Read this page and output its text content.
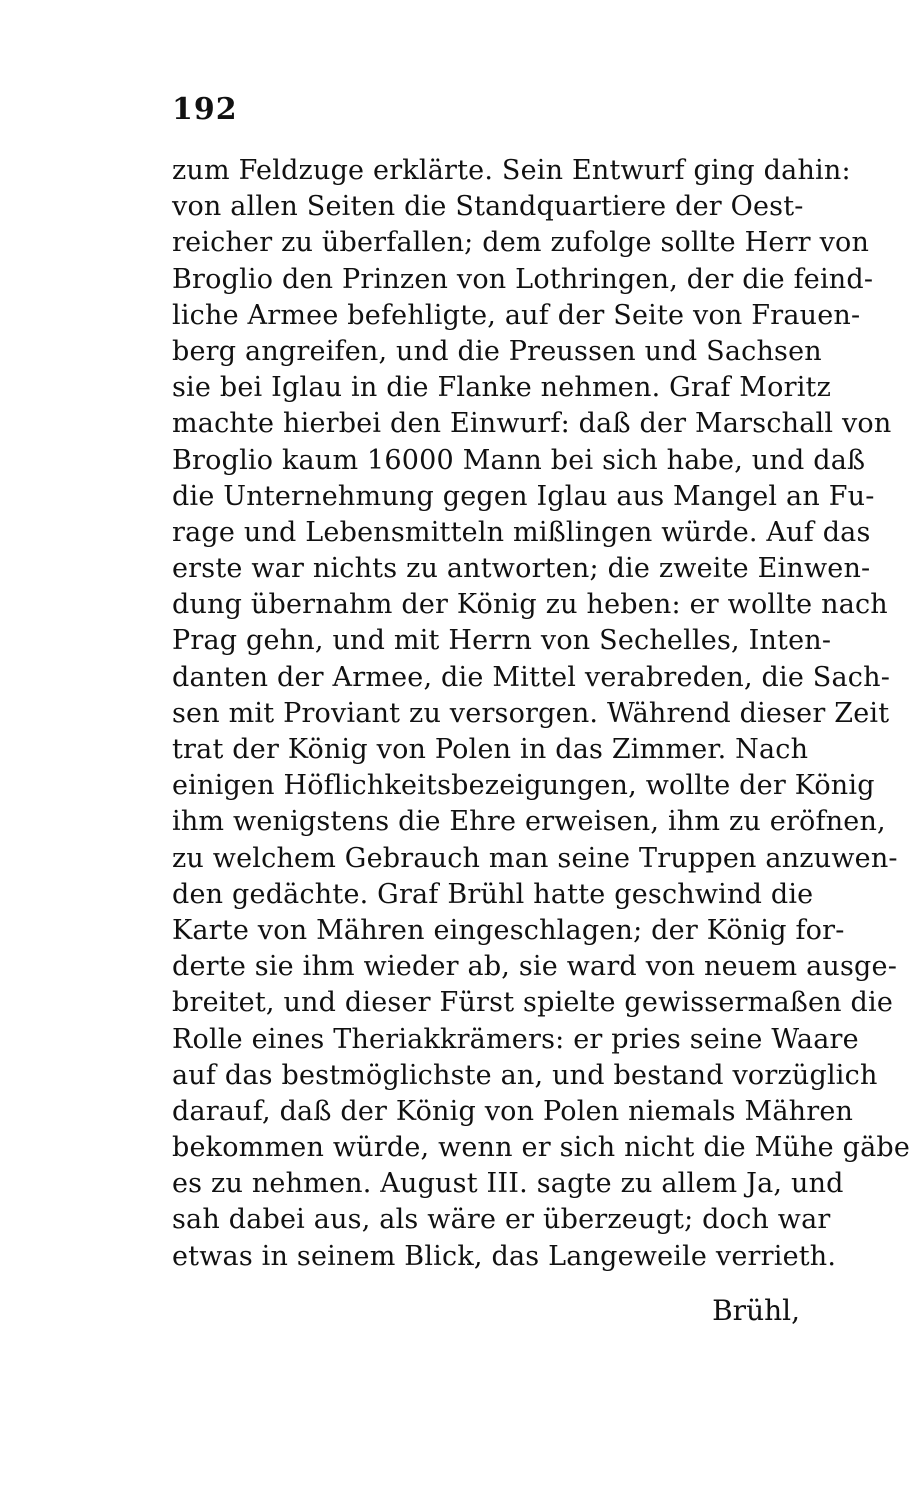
192
zum Feldzuge erklärte. Sein Entwurf ging dahin:
von allen Seiten die Standquartiere der Oest-
reicher zu überfallen; dem zufolge sollte Herr von
Broglio den Prinzen von Lothringen, der die feind-
liche Armee befehligte, auf der Seite von Frauen-
berg angreifen, und die Preussen und Sachsen
sie bei Iglau in die Flanke nehmen. Graf Moritz
machte hierbei den Einwurf: daß der Marschall von
Broglio kaum 16000 Mann bei sich habe, und daß
die Unternehmung gegen Iglau aus Mangel an Fu-
rage und Lebensmitteln mißlingen würde. Auf das
erste war nichts zu antworten; die zweite Einwen-
dung übernahm der König zu heben: er wollte nach
Prag gehn, und mit Herrn von Sechelles, Inten-
danten der Armee, die Mittel verabreden, die Sach-
sen mit Proviant zu versorgen. Während dieser Zeit
trat der König von Polen in das Zimmer. Nach
einigen Höflichkeitsbezeigungen, wollte der König
ihm wenigstens die Ehre erweisen, ihm zu eröfnen,
zu welchem Gebrauch man seine Truppen anzuwen-
den gedächte. Graf Brühl hatte geschwind die
Karte von Mähren eingeschlagen; der König for-
derte sie ihm wieder ab, sie ward von neuem ausge-
breitet, und dieser Fürst spielte gewissermaßen die
Rolle eines Theriakkrämers: er pries seine Waare
auf das bestmöglichste an, und bestand vorzüglich
darauf, daß der König von Polen niemals Mähren
bekommen würde, wenn er sich nicht die Mühe gäbe
es zu nehmen. August III. sagte zu allem Ja, und
sah dabei aus, als wäre er überzeugt; doch war
etwas in seinem Blick, das Langeweile verrieth.
Brühl,
